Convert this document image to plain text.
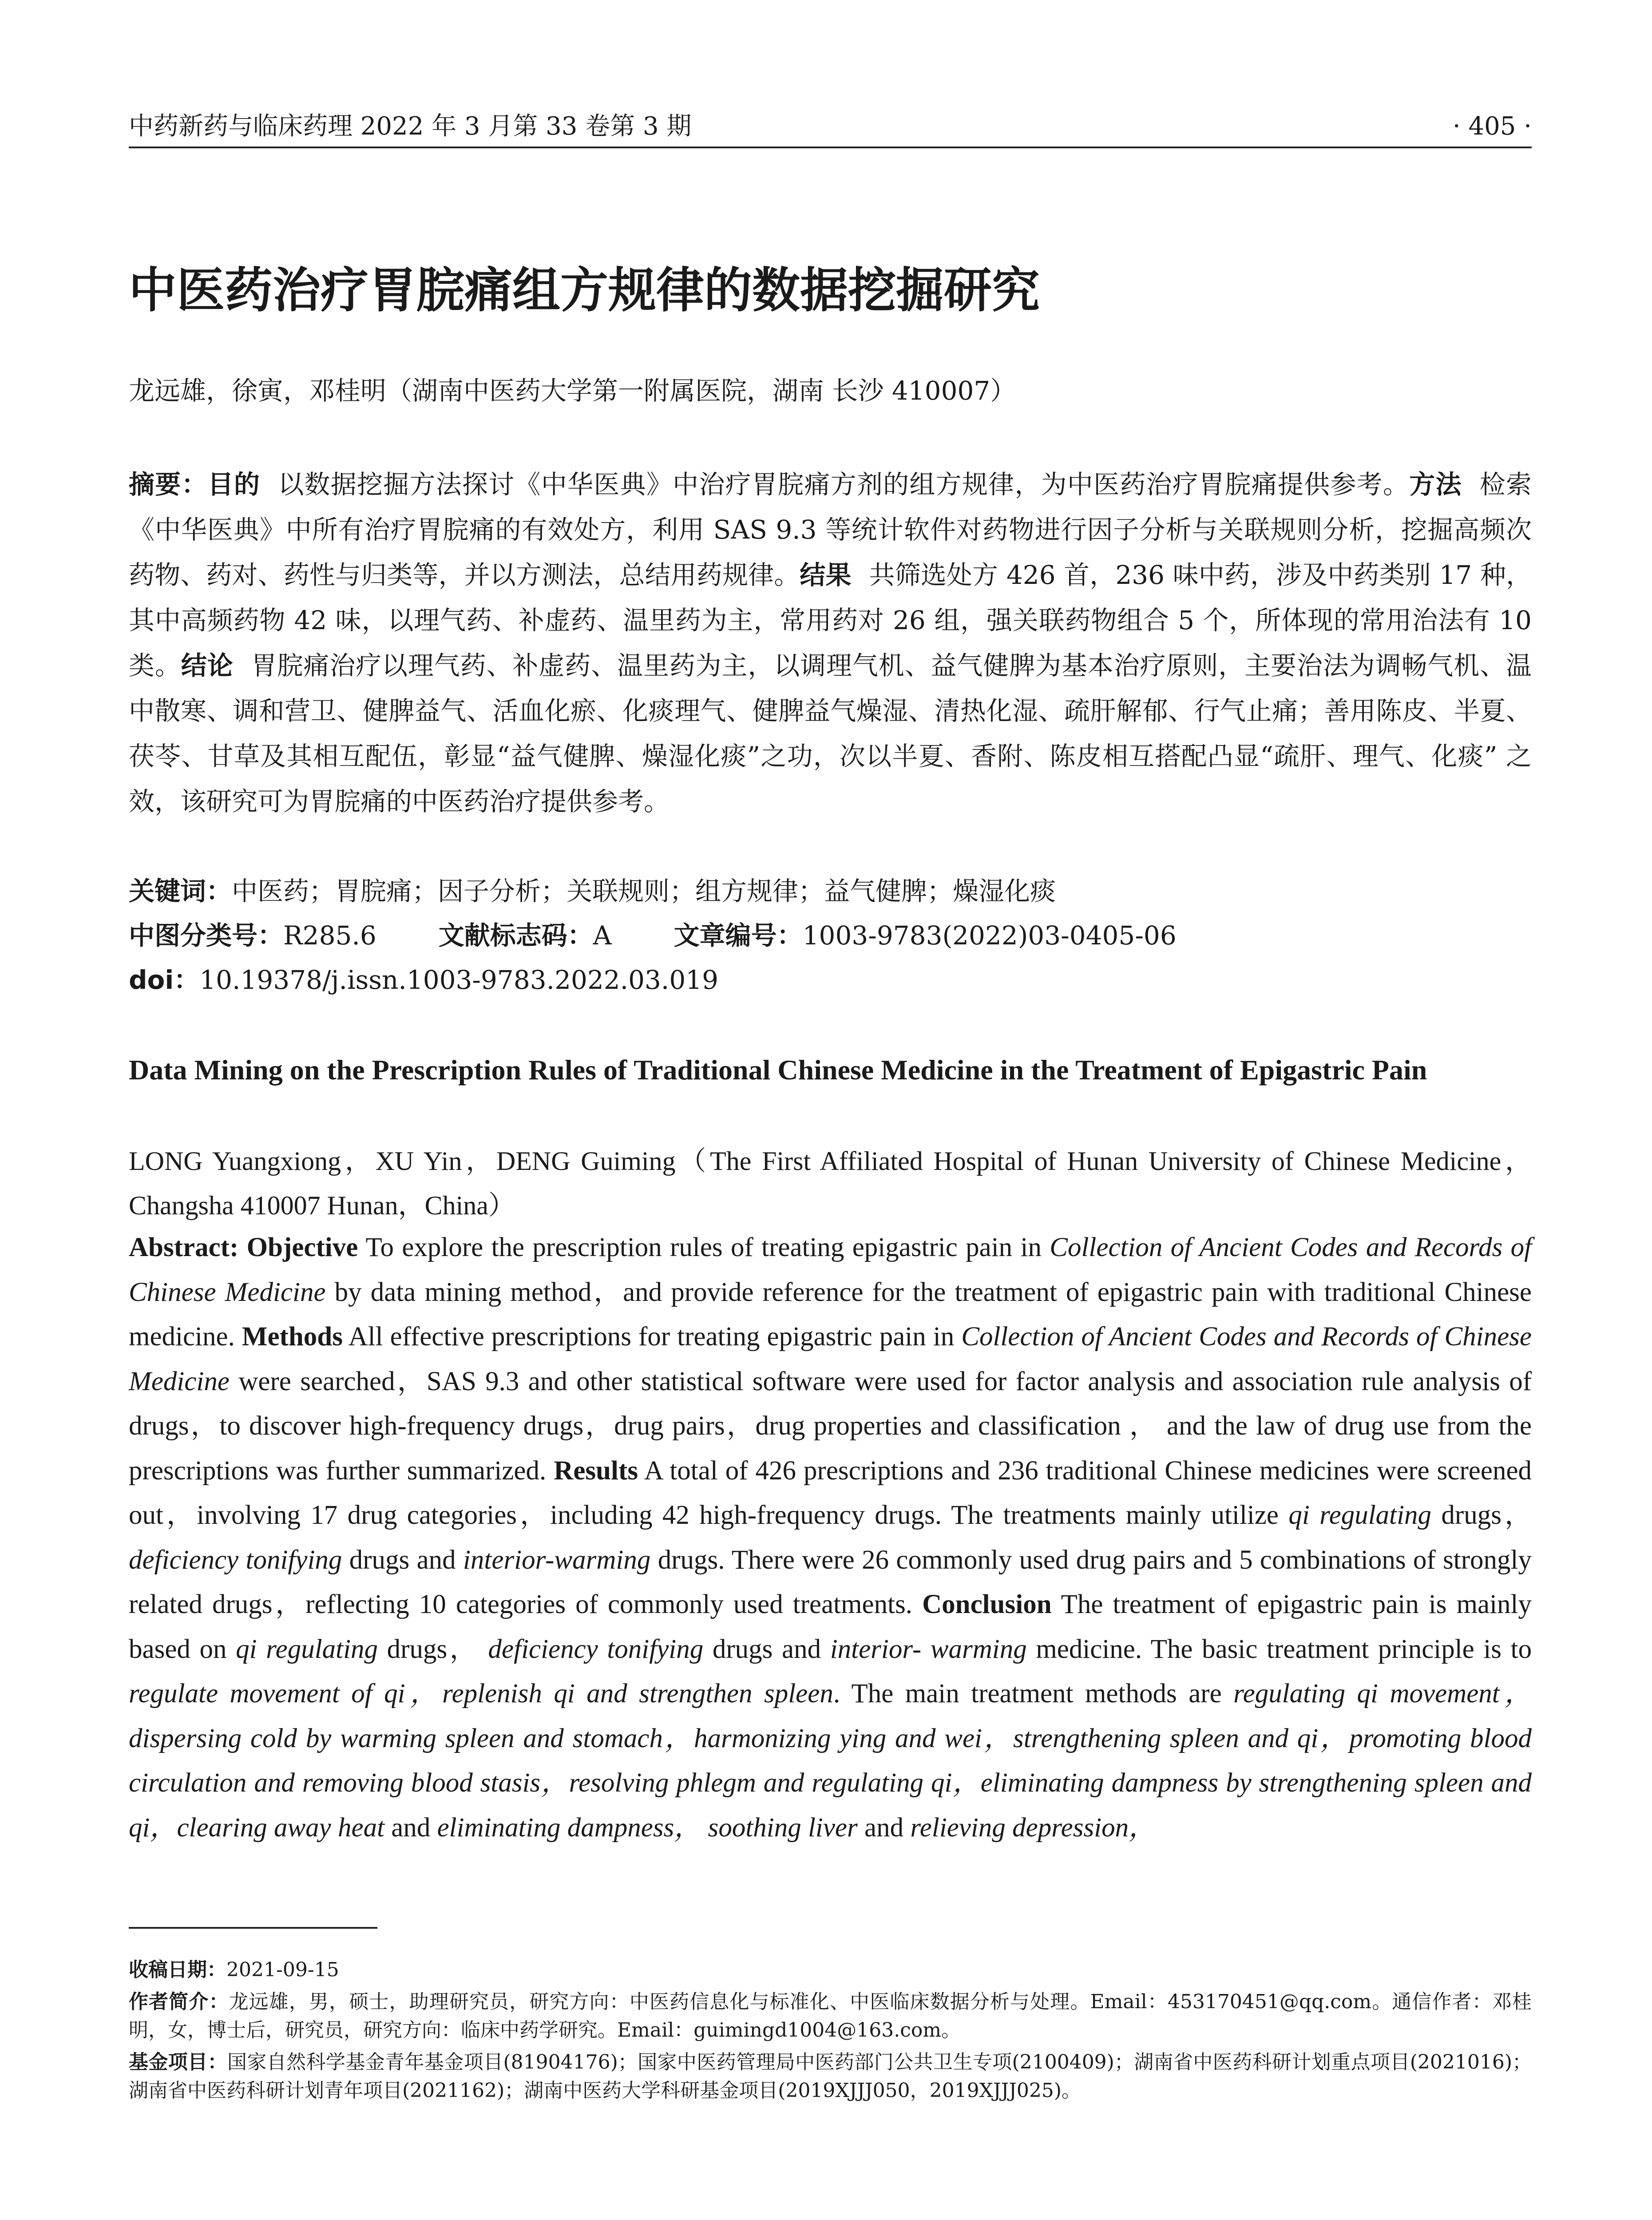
中药新药与临床药理 2022 年 3 月第 33 卷第 3 期	· 405 ·
中医药治疗胃脘痛组方规律的数据挖掘研究
龙远雄，徐寅，邓桂明（湖南中医药大学第一附属医院，湖南 长沙 410007）
摘要：目的 以数据挖掘方法探讨《中华医典》中治疗胃脘痛方剂的组方规律，为中医药治疗胃脘痛提供参考。方法 检索《中华医典》中所有治疗胃脘痛的有效处方，利用 SAS 9.3 等统计软件对药物进行因子分析与关联规则分析，挖掘高频次药物、药对、药性与归类等，并以方测法，总结用药规律。结果 共筛选处方 426 首，236 味中药，涉及中药类别 17 种，其中高频药物 42 味，以理气药、补虚药、温里药为主，常用药对 26 组，强关联药物组合 5 个，所体现的常用治法有 10 类。结论 胃脘痛治疗以理气药、补虚药、温里药为主，以调理气机、益气健脾为基本治疗原则，主要治法为调畅气机、温中散寒、调和营卫、健脾益气、活血化瘀、化痰理气、健脾益气燥湿、清热化湿、疏肝解郁、行气止痛；善用陈皮、半夏、茯苓、甘草及其相互配伍，彰显“益气健脾、燥湿化痰”之功，次以半夏、香附、陈皮相互搭配凸显“疏肝、理气、化痰” 之效，该研究可为胃脘痛的中医药治疗提供参考。
关键词：中医药；胃脘痛；因子分析；关联规则；组方规律；益气健脾；燥湿化痰
中图分类号：R285.6 文献标志码：A 文章编号：1003-9783(2022)03-0405-06
doi：10.19378/j.issn.1003-9783.2022.03.019
Data Mining on the Prescription Rules of Traditional Chinese Medicine in the Treatment of Epigastric Pain
LONG Yuangxiong，XU Yin，DENG Guiming（The First Affiliated Hospital of Hunan University of Chinese Medicine，Changsha 410007 Hunan，China）
Abstract: Objective To explore the prescription rules of treating epigastric pain in Collection of Ancient Codes and Records of Chinese Medicine by data mining method，and provide reference for the treatment of epigastric pain with traditional Chinese medicine. Methods All effective prescriptions for treating epigastric pain in Collection of Ancient Codes and Records of Chinese Medicine were searched，SAS 9.3 and other statistical software were used for factor analysis and association rule analysis of drugs，to discover high-frequency drugs，drug pairs，drug properties and classification ， and the law of drug use from the prescriptions was further summarized. Results A total of 426 prescriptions and 236 traditional Chinese medicines were screened out，involving 17 drug categories，including 42 high-frequency drugs. The treatments mainly utilize qi regulating drugs， deficiency tonifying drugs and interior-warming drugs. There were 26 commonly used drug pairs and 5 combinations of strongly related drugs，reflecting 10 categories of commonly used treatments. Conclusion The treatment of epigastric pain is mainly based on qi regulating drugs， deficiency tonifying drugs and interior- warming medicine. The basic treatment principle is to regulate movement of qi，replenish qi and strengthen spleen. The main treatment methods are regulating qi movement，dispersing cold by warming spleen and stomach，harmonizing ying and wei，strengthening spleen and qi，promoting blood circulation and removing blood stasis，resolving phlegm and regulating qi，eliminating dampness by strengthening spleen and qi，clearing away heat and eliminating dampness， soothing liver and relieving depression，

收稿日期：2021-09-15

作者简介：龙远雄，男，硕士，助理研究员，研究方向：中医药信息化与标准化、中医临床数据分析与处理。Email：453170451@qq.com。通信作者：邓桂明，女，博士后，研究员，研究方向：临床中药学研究。Email：guimingd1004@163.com。

基金项目：国家自然科学基金青年基金项目(81904176)；国家中医药管理局中医药部门公共卫生专项(2100409)；湖南省中医药科研计划重点项目(2021016)；湖南省中医药科研计划青年项目(2021162)；湖南中医药大学科研基金项目(2019XJJJ050，2019XJJJ025)。
